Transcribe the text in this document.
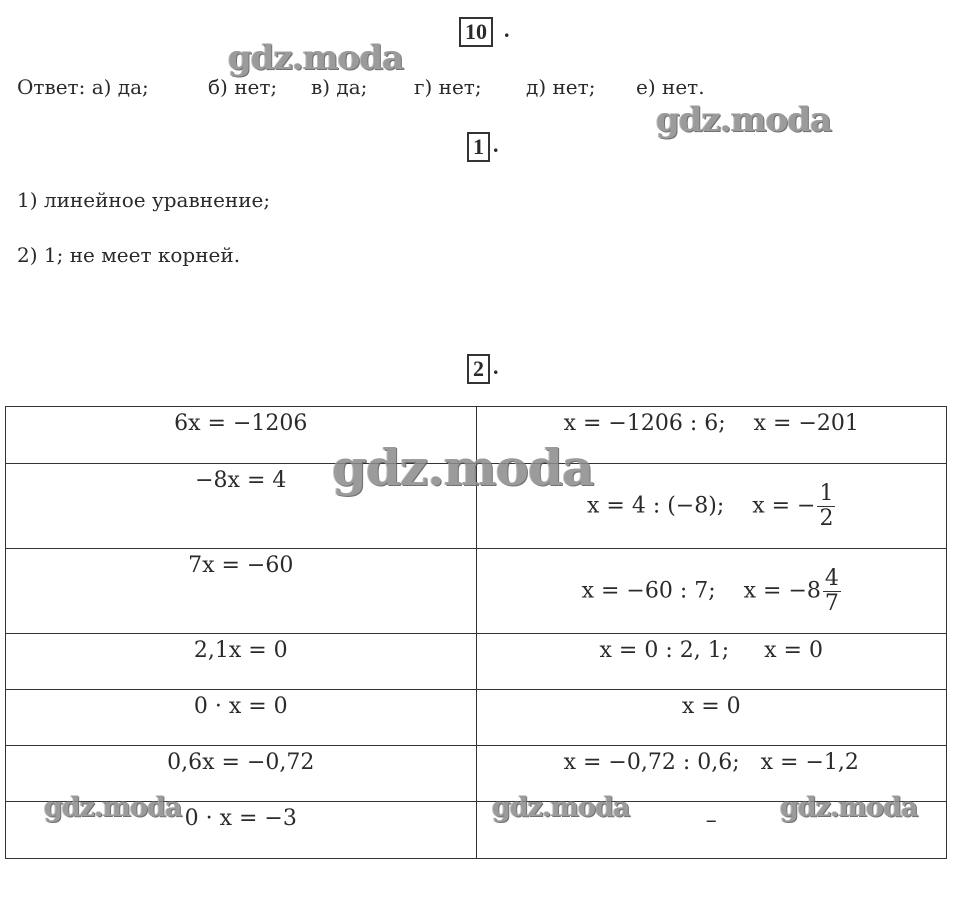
10 .
gdz.moda
Ответ: а) да;	б) нет; в) да; г) нет; д) нет; е) нет.
gdz.moda
1 .
1) линейное уравнение;
2) 1; не меет корней.
2 .
6x = −1206	x = −1206 : 6; x = −201
−8x = 4	x = 4 : (−8); x = − $\frac{1}{2}$

7x = −60	x = −60 : 7; $x = -8 \frac{4}{7}$

2,1x = 0	x = 0 : 2, 1; x = 0
0 · x = 0	x = 0
0,6x = −0,72	x = −0,72 : 0,6; x = −1,2
0 · x = −3	–
gdz.moda
gdz.moda	gdz.moda	gdz.moda
